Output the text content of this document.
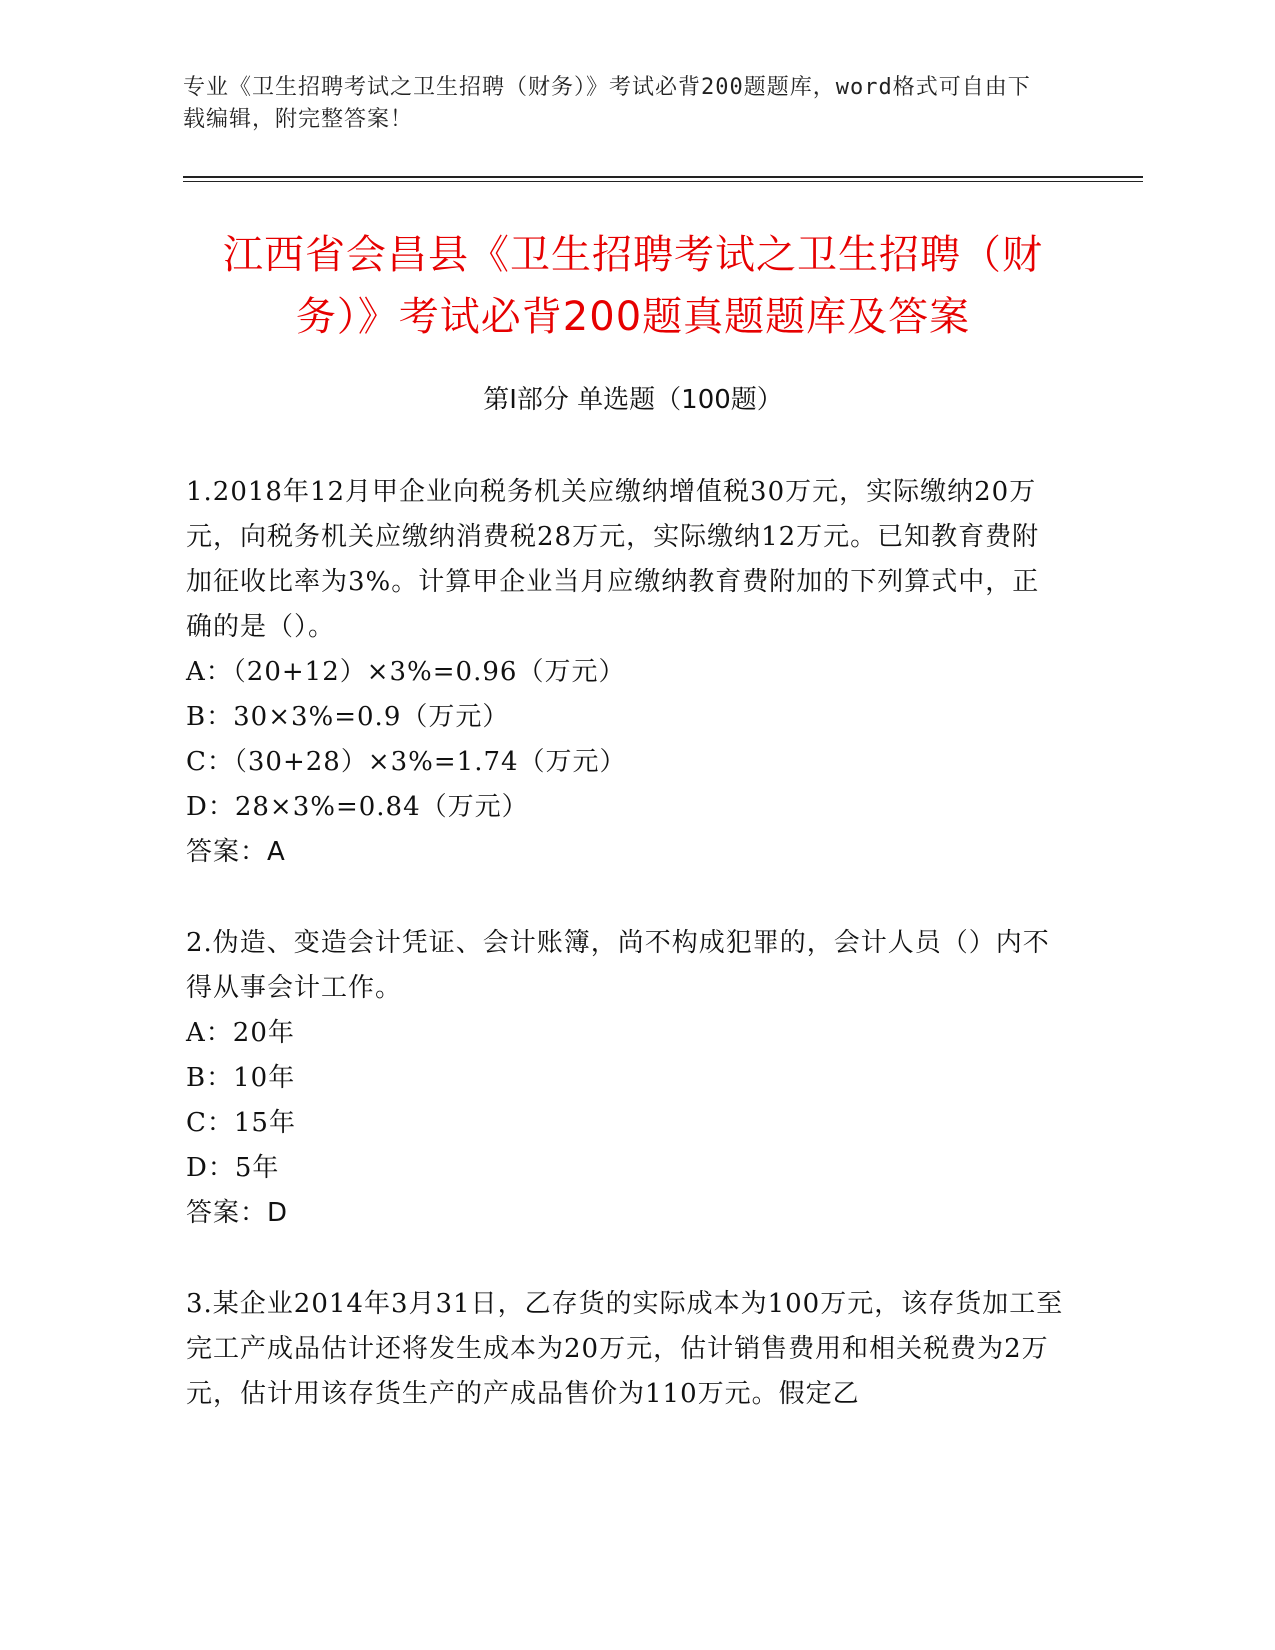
专业《卫生招聘考试之卫生招聘（财务）》考试必背200题题库，word格式可自由下载编辑，附完整答案！
江西省会昌县《卫生招聘考试之卫生招聘（财务）》考试必背200题真题题库及答案
第Ⅰ部分 单选题（100题）

1.2018年12月甲企业向税务机关应缴纳增值税30万元，实际缴纳20万元，向税务机关应缴纳消费税28万元，实际缴纳12万元。已知教育费附加征收比率为3%。计算甲企业当月应缴纳教育费附加的下列算式中，正确的是（）。

A：（20+12）×3%=0.96（万元）

B：30×3%=0.9（万元）

C：（30+28）×3%=1.74（万元）

D：28×3%=0.84（万元）

答案：A

2.伪造、变造会计凭证、会计账簿，尚不构成犯罪的，会计人员（）内不得从事会计工作。

A：20年

B：10年

C：15年

D：5年

答案：D

3.某企业2014年3月31日，乙存货的实际成本为100万元，该存货加工至完工产成品估计还将发生成本为20万元，估计销售费用和相关税费为2万元，估计用该存货生产的产成品售价为110万元。假定乙
